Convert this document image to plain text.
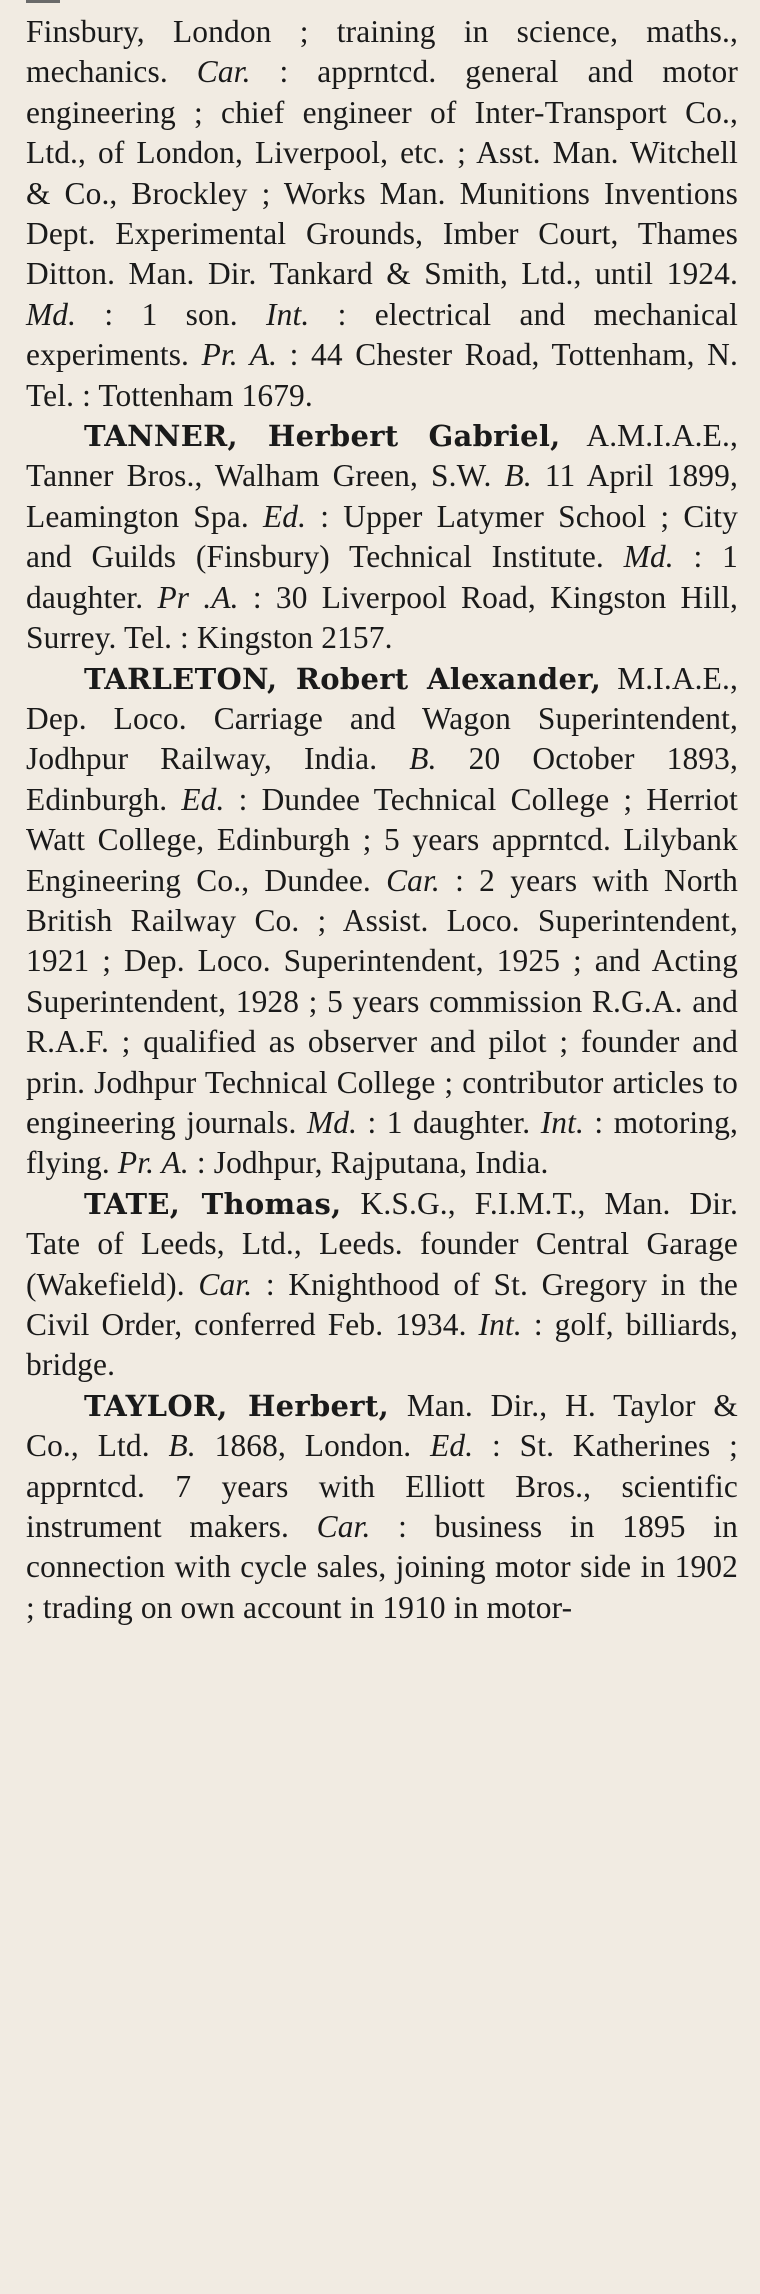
Finsbury, London ; training in science, maths., mechanics. Car. : apprntcd. general and motor engineering ; chief engineer of Inter-Transport Co., Ltd., of London, Liverpool, etc. ; Asst. Man. Witchell & Co., Brockley ; Works Man. Munitions Inventions Dept. Experimental Grounds, Imber Court, Thames Ditton. Man. Dir. Tankard & Smith, Ltd., until 1924. Md. : 1 son. Int. : electrical and mechanical experiments. Pr. A. : 44 Chester Road, Tottenham, N. Tel. : Tottenham 1679.

TANNER, Herbert Gabriel, A.M.I.A.E., Tanner Bros., Walham Green, S.W. B. 11 April 1899, Leamington Spa. Ed. : Upper Latymer School ; City and Guilds (Finsbury) Technical Institute. Md. : 1 daughter. Pr .A. : 30 Liverpool Road, Kingston Hill, Surrey. Tel. : Kingston 2157.

TARLETON, Robert Alexander, M.I.A.E., Dep. Loco. Carriage and Wagon Superintendent, Jodhpur Railway, India. B. 20 October 1893, Edinburgh. Ed. : Dundee Technical College ; Herriot Watt College, Edinburgh ; 5 years apprntcd. Lilybank Engineering Co., Dundee. Car. : 2 years with North British Railway Co. ; Assist. Loco. Superintendent, 1921 ; Dep. Loco. Superintendent, 1925 ; and Acting Superintendent, 1928 ; 5 years commission R.G.A. and R.A.F. ; qualified as observer and pilot ; founder and prin. Jodhpur Technical College ; contributor articles to engineering journals. Md. : 1 daughter. Int. : motoring, flying. Pr. A. : Jodhpur, Rajputana, India.

TATE, Thomas, K.S.G., F.I.M.T., Man. Dir. Tate of Leeds, Ltd., Leeds. founder Central Garage (Wakefield). Car. : Knighthood of St. Gregory in the Civil Order, conferred Feb. 1934. Int. : golf, billiards, bridge.

TAYLOR, Herbert, Man. Dir., H. Taylor & Co., Ltd. B. 1868, London. Ed. : St. Katherines ; apprntcd. 7 years with Elliott Bros., scientific instrument makers. Car. : business in 1895 in connection with cycle sales, joining motor side in 1902 ; trading on own account in 1910 in motor-
